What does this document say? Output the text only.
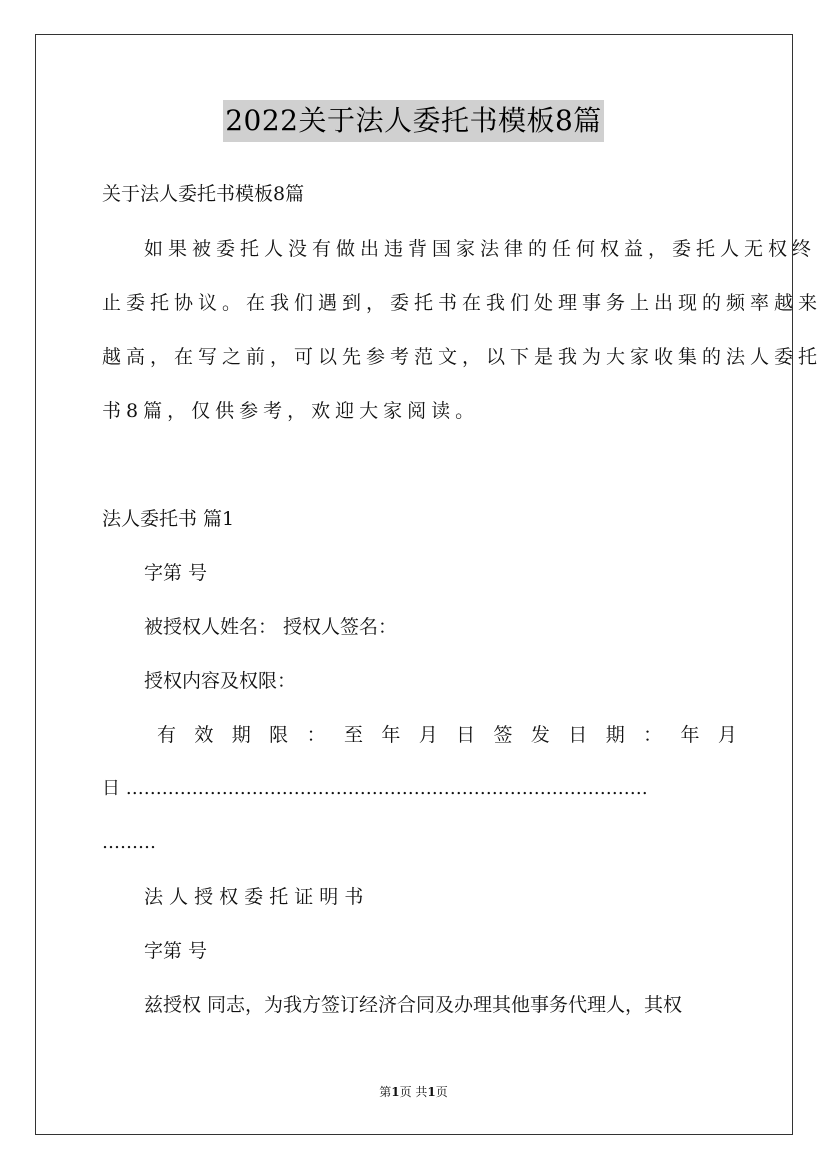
2022关于法人委托书模板8篇
关于法人委托书模板8篇
如果被委托人没有做出违背国家法律的任何权益，委托人无权终
止委托协议。在我们遇到，委托书在我们处理事务上出现的频率越来
越高，在写之前，可以先参考范文，以下是我为大家收集的法人委托
书8篇，仅供参考，欢迎大家阅读。
法人委托书 篇1
字第 号
被授权人姓名： 授权人签名：
授权内容及权限：
有 效 期 限 ： 至 年 月 日 签 发 日 期 ： 年 月
日 ……………………………………………………………………………
………
法 人 授 权 委 托 证 明 书
字第 号
兹授权 同志，为我方签订经济合同及办理其他事务代理人，其权
第1页 共1页
